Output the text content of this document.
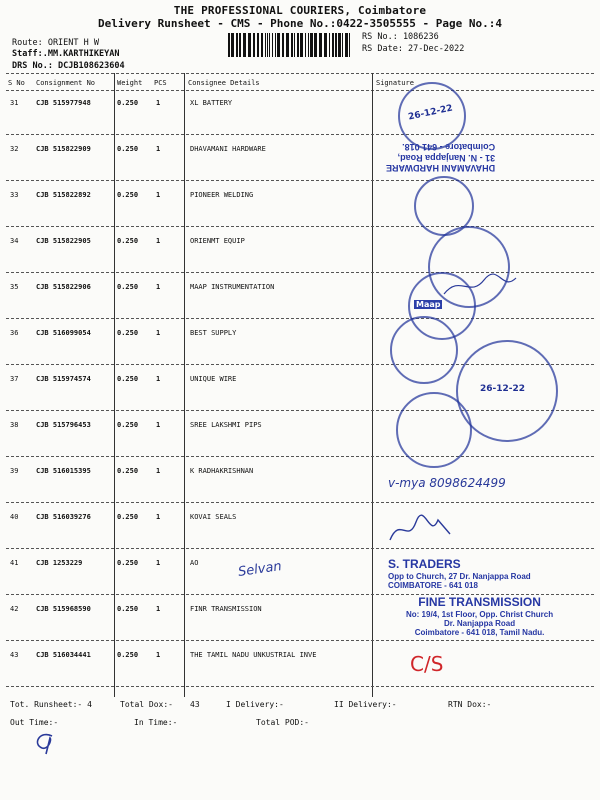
THE PROFESSIONAL COURIERS, Coimbatore
Delivery Runsheet - CMS - Phone No.:0422-3505555 - Page No.:4
Route: ORIENT H W
Staff:.MM.KARTHIKEYAN
DRS No.: DCJB108623604
RS No.: 1086236
RS Date: 27-Dec-2022
S No Consignment No	Weight PCS	Consignee Details	Signature
31	CJB 515977948	0.250	1	XL BATTERY
32	CJB 515822909	0.250	1	DHAVAMANI HARDWARE
33	CJB 515822892	0.250	1	PIONEER WELDING
34	CJB 515822905	0.250	1	ORIENMT EQUIP
35	CJB 515822906	0.250	1	MAAP INSTRUMENTATION
36	CJB 516099054	0.250	1	BEST SUPPLY
37	CJB 515974574	0.250	1	UNIQUE WIRE
38	CJB 515796453	0.250	1	SREE LAKSHMI PIPS
39	CJB 516015395	0.250	1	K RADHAKRISHNAN
40	CJB 516039276	0.250	1	KOVAI SEALS
41	CJB 1253229	0.250	1	AO
42	CJB 515968590	0.250	1	FINR TRANSMISSION
43	CJB 516034441	0.250	1	THE TAMIL NADU UNKUSTRIAL INVE
Tot. Runsheet:- 4	Total Dox:- 43	I Delivery:-	II Delivery:-	RTN Dox:-
Out Time:-	In Time:-	Total POD:-
26-12-22
DHAVAMANI HARDWARE
31 - N. Nanjappa Road,
Coimbatore - 641 018.
Maap
26-12-22
S. TRADERS
Opp to Church, 27 Dr. Nanjappa Road
COIMBATORE - 641 018
FINE TRANSMISSION
No: 19/4, 1st Floor, Opp. Christ Church
Dr. Nanjappa Road
Coimbatore - 641 018, Tamil Nadu.
v-mya 8098624499
Selvan
C/S
